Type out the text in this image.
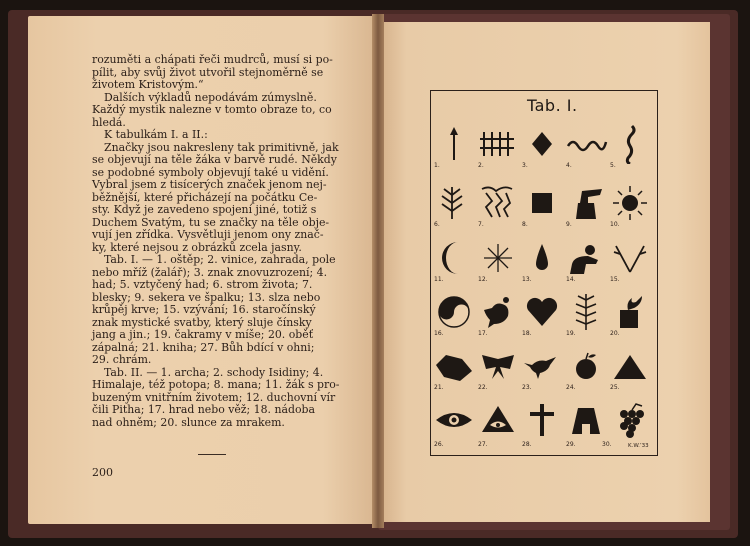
rozuměti a chápati řeči mudrců, musí si po-
pílit, aby svůj život utvořil stejnoměrně se
životem Kristovým.“
Dalších výkladů nepodávám zúmyslně.
Každý mystik nalezne v tomto obraze to, co
hledá.
K tabulkám I. a II.:
Značky jsou nakresleny tak primitivně, jak
se objevují na těle žáka v barvě rudé. Někdy
se podobné symboly objevují také u vidění.
Vybral jsem z tisícerých značek jenom nej-
běžnější, které přicházejí na počátku Ce-
sty. Když je zavedeno spojení jiné, totiž s
Duchem Svatým, tu se značky na těle obje-
vují jen zřídka. Vysvětluji jenom ony znač-
ky, které nejsou z obrázků zcela jasny.
Tab. I. — 1. oštěp; 2. vinice, zahrada, pole
nebo mříž (žalář); 3. znak znovuzrození; 4.
had; 5. vztyčený had; 6. strom života; 7.
blesky; 9. sekera ve špalku; 13. slza nebo
krůpěj krve; 15. vzývání; 16. staročínský
znak mystické svatby, který sluje čínsky
jang a jin.; 19. čakramy v míše; 20. oběť
zápalná; 21. kniha; 27. Bůh bdící v ohni;
29. chrám.
Tab. II. — 1. archa; 2. schody Isidiny; 4.
Himalaje, též potopa; 8. mana; 11. žák s pro-
buzeným vnitřním životem; 12. duchovní vír
čili Pitha; 17. hrad nebo věž; 18. nádoba
nad ohněm; 20. slunce za mrakem.
200
Tab. I.
1.	2.	3.	4.	5.
6.	7.	8.	9.	10.
11.	12.	13.	14.	15.
16.	17.	18.	19.	20.
21.	22.	23.	24.	25.
26.	27.	28.	29.	30.	K.W.’33
